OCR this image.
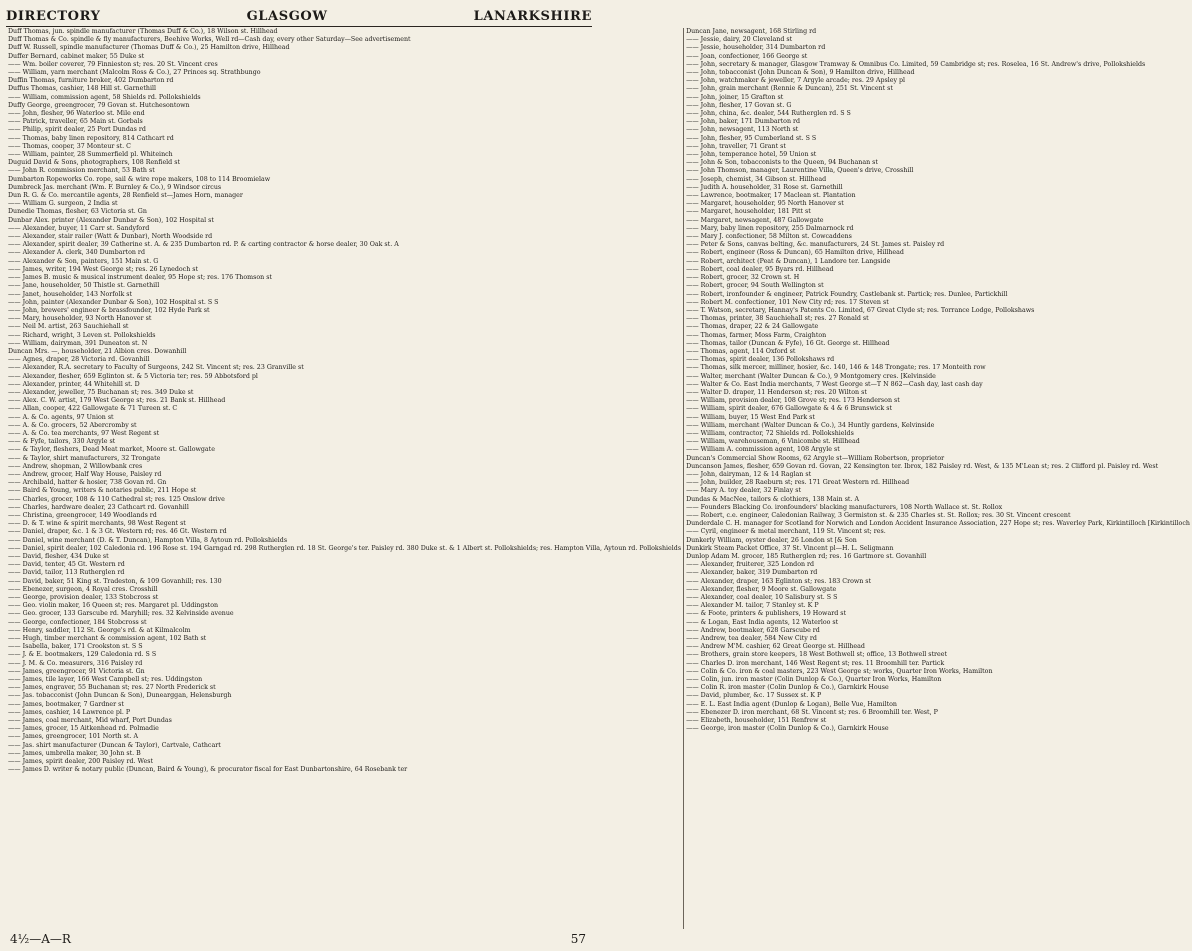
DIRECTORY	GLASGOW	LANARKSHIRE
Duff Thomas, jun. spindle manufacturer (Thomas Duff & Co.), 18 Wilson st. Hillhead
Duff Thomas & Co. spindle & fly manufacturers, Beehive Works, Well rd—Cash day, every other Saturday—See advertisement
Duff W. Russell, spindle manufacturer (Thomas Duff & Co.), 25 Hamilton drive, Hillhead
Duffer Bernard, cabinet maker, 55 Duke st
—— Wm. boiler coverer, 79 Finnieston st; res. 20 St. Vincent cres
—— William, yarn merchant (Malcolm Ross & Co.), 27 Princes sq. Strathbungo
Duffin Thomas, furniture broker, 402 Dumbarton rd
Duffus Thomas, cashier, 148 Hill st. Garnethill
—— William, commission agent, 58 Shields rd. Pollokshields
Duffy George, greengrocer, 79 Govan st. Hutchesontown
—— John, flesher, 96 Waterloo st. Mile end
—— Patrick, traveller, 65 Main st. Gorbals
—— Philip, spirit dealer, 25 Port Dundas rd
—— Thomas, baby linen repository, 814 Cathcart rd
—— Thomas, cooper, 37 Monteur st. C
—— William, painter, 28 Summerfield pl. Whiteinch
Duguid David & Sons, photographers, 108 Renfield st
—— John R. commission merchant, 53 Bath st
Dumbarton Ropeworks Co. rope, sail & wire rope makers, 108 to 114 Broomielaw
Dumbreck Jas. merchant (Wm. F. Burnley & Co.), 9 Windsor circus
Dun R. G. & Co. mercantile agents, 28 Renfield st—James Horn, manager
—— William G. surgeon, 2 India st
Dunedie Thomas, flesher, 63 Victoria st. Gn
Dunbar Alex. printer (Alexander Dunbar & Son), 102 Hospital st
—— Alexander, buyer, 11 Carr st. Sandyford
—— Alexander, stair railer (Watt & Dunbar), North Woodside rd
—— Alexander, spirit dealer, 39 Catherine st. A. & 235 Dumbarton rd. P. & carting contractor & horse dealer, 30 Oak st. A
—— Alexander A. clerk, 340 Dumbarton rd
—— Alexander & Son, painters, 151 Main st. G
—— James, writer, 194 West George st; res. 26 Lynedoch st
—— James B. music & musical instrument dealer, 95 Hope st; res. 176 Thomson st
—— Jane, householder, 50 Thistle st. Garnethill
—— Janet, householder, 143 Norfolk st
—— John, painter (Alexander Dunbar & Son), 102 Hospital st. S S
—— John, brewers' engineer & brassfounder, 102 Hyde Park st
—— Mary, householder, 93 North Hanover st
—— Neil M. artist, 263 Sauchiehall st
—— Richard, wright, 3 Leven st. Pollokshields
—— William, dairyman, 391 Duneaton st. N
Duncan Mrs. —, householder, 21 Albion cres. Dowanhill
—— Agnes, draper, 28 Victoria rd. Govanhill
—— Alexander, R.A. secretary to Faculty of Surgeons, 242 St. Vincent st; res. 23 Granville st
—— Alexander, flesher, 659 Eglinton st. & 5 Victoria ter; res. 59 Abbotsford pl
—— Alexander, printer, 44 Whitehill st. D
—— Alexander, jeweller, 75 Buchanan st; res. 349 Duke st
—— Alex. C. W. artist, 179 West George st; res. 21 Bank st. Hillhead
—— Allan, cooper, 422 Gallowgate & 71 Tureen st. C
—— A. & Co. agents, 97 Union st
—— A. & Co. grocers, 52 Abercromby st
—— A. & Co. tea merchants, 97 West Regent st
—— & Fyfe, tailors, 330 Argyle st
—— & Taylor, fleshers, Dead Meat market, Moore st. Gallowgate
—— & Taylor, shirt manufacturers, 32 Trongate
—— Andrew, shopman, 2 Willowbank cres
—— Andrew, grocer, Half Way House, Paisley rd
—— Archibald, hatter & hosier, 738 Govan rd. Gn
—— Baird & Young, writers & notaries public, 211 Hope st
—— Charles, grocer, 108 & 110 Cathedral st; res. 125 Onslow drive
—— Charles, hardware dealer, 23 Cathcart rd. Govanhill
—— Christina, greengrocer, 149 Woodlands rd
—— D. & T. wine & spirit merchants, 98 West Regent st
—— Daniel, draper, &c. 1 & 3 Gt. Western rd; res. 46 Gt. Western rd
—— Daniel, wine merchant (D. & T. Duncan), Hampton Villa, 8 Aytoun rd. Pollokshields
—— Daniel, spirit dealer, 102 Caledonia rd. 196 Rose st. 194 Garngad rd. 298 Rutherglen rd. 18 St. George's ter. Paisley rd. 380 Duke st. & 1 Albert st. Pollokshields; res. Hampton Villa, Aytoun rd. Pollokshields
—— David, flesher, 434 Duke st
—— David, tenter, 45 Gt. Western rd
—— David, tailor, 113 Rutherglen rd
—— David, baker, 51 King st. Tradeston, & 109 Govanhill; res. 130
—— Ebenezer, surgeon, 4 Royal cres. Crosshill
—— George, provision dealer, 133 Stobcross st
—— Geo. violin maker, 16 Queen st; res. Margaret pl. Uddingston
—— Geo. grocer, 133 Garscube rd. Maryhill; res. 32 Kelvinside avenue
—— George, confectioner, 184 Stobcross st
—— Henry, saddler, 112 St. George's rd. & at Kilmalcolm
—— Hugh, timber merchant & commission agent, 102 Bath st
—— Isabella, baker, 171 Crookston st. S S
—— J. & E. bootmakers, 129 Caledonia rd. S S
—— J. M. & Co. measurers, 316 Paisley rd
—— James, greengrocer, 91 Victoria st. Gn
—— James, tile layer, 166 West Campbell st; res. Uddingston
—— James, engraver, 55 Buchanan st; res. 27 North Frederick st
—— Jas. tobacconist (John Duncan & Son), Dunearggan, Helensburgh
—— James, bootmaker, 7 Gardner st
—— James, cashier, 14 Lawrence pl. P
—— James, coal merchant, Mid wharf, Port Dundas
—— James, grocer, 15 Aitkenhead rd. Polmadie
—— James, greengrocer, 101 North st. A
—— Jas. shirt manufacturer (Duncan & Taylor), Cartvale, Cathcart
—— James, umbrella maker, 30 John st. B
—— James, spirit dealer, 200 Paisley rd. West
—— James D. writer & notary public (Duncan, Baird & Young), & procurator fiscal for East Dunbartonshire, 64 Rosebank ter
Duncan Jane, newsagent, 168 Stirling rd
—— Jessie, dairy, 20 Cleveland st
—— Jessie, householder, 314 Dumbarton rd
—— Joan, confectioner, 166 George st
—— John, secretary & manager, Glasgow Tramway & Omnibus Co. Limited, 59 Cambridge st; res. Roselea, 16 St. Andrew's drive, Pollokshields
—— John, tobacconist (John Duncan & Son), 9 Hamilton drive, Hillhead
—— John, watchmaker & jeweller, 7 Argyle arcade; res. 29 Apsley pl
—— John, grain merchant (Rennie & Duncan), 251 St. Vincent st
—— John, joiner, 15 Grafton st
—— John, flesher, 17 Govan st. G
—— John, china, &c. dealer, 544 Rutherglen rd. S S
—— John, baker, 171 Dumbarton rd
—— John, newsagent, 113 North st
—— John, flesher, 95 Cumberland st. S S
—— John, traveller, 71 Grant st
—— John, temperance hotel, 59 Union st
—— John & Son, tobacconists to the Queen, 94 Buchanan st
—— John Thomson, manager, Laurentine Villa, Queen's drive, Crosshill
—— Joseph, chemist, 34 Gibson st. Hillhead
—— Judith A. householder, 31 Rose st. Garnethill
—— Lawrence, bootmaker, 17 Maclean st. Plantation
—— Margaret, householder, 95 North Hanover st
—— Margaret, householder, 181 Pitt st
—— Margaret, newsagent, 487 Gallowgate
—— Mary, baby linen repository, 255 Dalmarnock rd
—— Mary J. confectioner, 58 Milton st. Cowcaddens
—— Peter & Sons, canvas belting, &c. manufacturers, 24 St. James st. Paisley rd
—— Robert, engineer (Ross & Duncan), 65 Hamilton drive, Hillhead
—— Robert, architect (Peat & Duncan), 1 Landore ter. Langside
—— Robert, coal dealer, 95 Byars rd. Hillhead
—— Robert, grocer, 32 Crown st. H
—— Robert, grocer, 94 South Wellington st
—— Robert, ironfounder & engineer, Patrick Foundry, Castlebank st. Partick; res. Dunlee, Partickhill
—— Robert M. confectioner, 101 New City rd; res. 17 Steven st
—— T. Watson, secretary, Hannay's Patents Co. Limited, 67 Great Clyde st; res. Torrance Lodge, Pollokshaws
—— Thomas, printer, 38 Sauchiehall st; res. 27 Ronald st
—— Thomas, draper, 22 & 24 Gallowgate
—— Thomas, farmer, Moss Farm, Craighton
—— Thomas, tailor (Duncan & Fyfe), 16 Gt. George st. Hillhead
—— Thomas, agent, 114 Oxford st
—— Thomas, spirit dealer, 136 Pollokshaws rd
—— Thomas, silk mercer, milliner, hosier, &c. 140, 146 & 148 Trongate; res. 17 Monteith row
—— Walter, merchant (Walter Duncan & Co.), 9 Montgomery cres. [Kelvinside
—— Walter & Co. East India merchants, 7 West George st—T N 862—Cash day, last cash day
—— Walter D. draper, 11 Henderson st; res. 20 Wilton st
—— William, provision dealer, 108 Grove st; res. 173 Henderson st
—— William, spirit dealer, 676 Gallowgate & 4 & 6 Brunswick st
—— William, buyer, 15 West End Park st
—— William, merchant (Walter Duncan & Co.), 34 Huntly gardens, Kelvinside
—— William, contractor, 72 Shields rd. Pollokshields
—— William, warehouseman, 6 Vinicombe st. Hillhead
—— William A. commission agent, 108 Argyle st
Duncan's Commercial Show Rooms, 62 Argyle st—William Robertson, proprietor
Duncanson James, flesher, 659 Govan rd. Govan, 22 Kensington ter. Ibrox, 182 Paisley rd. West, & 135 M'Lean st; res. 2 Clifford pl. Paisley rd. West
—— John, dairyman, 12 & 14 Raglan st
—— John, builder, 28 Raeburn st; res. 171 Great Western rd. Hillhead
—— Mary A. toy dealer, 32 Finlay st
Dundas & MacNee, tailors & clothiers, 138 Main st. A
—— Founders Blacking Co. ironfounders' blacking manufacturers, 108 North Wallace st. St. Rollox
—— Robert, c.e. engineer, Caledonian Railway, 3 Germiston st. & 235 Charles st. St. Rollox; res. 30 St. Vincent crescent
Dunderdale C. H. manager for Scotland for Norwich and London Accident Insurance Association, 227 Hope st; res. Waverley Park, Kirkintilloch [Kirkintilloch
—— Cyril, engineer & metal merchant, 119 St. Vincent st; res.
Dunkerly William, oyster dealer, 26 London st [& Son
Dunkirk Steam Packet Office, 37 St. Vincent pl—H. L. Seligmann
Dunlop Adam M. grocer, 185 Rutherglen rd; res. 16 Gartmore st. Govanhill
—— Alexander, fruiterer, 325 London rd
—— Alexander, baker, 319 Dumbarton rd
—— Alexander, draper, 163 Eglinton st; res. 183 Crown st
—— Alexander, flesher, 9 Moore st. Gallowgate
—— Alexander, coal dealer, 10 Salisbury st. S S
—— Alexander M. tailor, 7 Stanley st. K P
—— & Foote, printers & publishers, 19 Howard st
—— & Logan, East India agents, 12 Waterloo st
—— Andrew, bootmaker, 628 Garscube rd
—— Andrew, tea dealer, 584 New City rd
—— Andrew M'M. cashier, 62 Great George st. Hillhead
—— Brothers, grain store keepers, 18 West Bothwell st; office, 13 Bothwell street
—— Charles D. iron merchant, 146 West Regent st; res. 11 Broomhill ter. Partick
—— Colin & Co. iron & coal masters, 223 West George st; works, Quarter Iron Works, Hamilton
—— Colin, jun. iron master (Colin Dunlop & Co.), Quarter Iron Works, Hamilton
—— Colin R. iron master (Colin Dunlop & Co.), Garnkirk House
—— David, plumber, &c. 17 Sussex st. K P
—— E. L. East India agent (Dunlop & Logan), Belle Vue, Hamilton
—— Ebenezer D. iron merchant, 68 St. Vincent st; res. 6 Broomhill ter. West, P
—— Elizabeth, householder, 151 Renfrew st
—— George, iron master (Colin Dunlop & Co.), Garnkirk House
4½—A—R	57
